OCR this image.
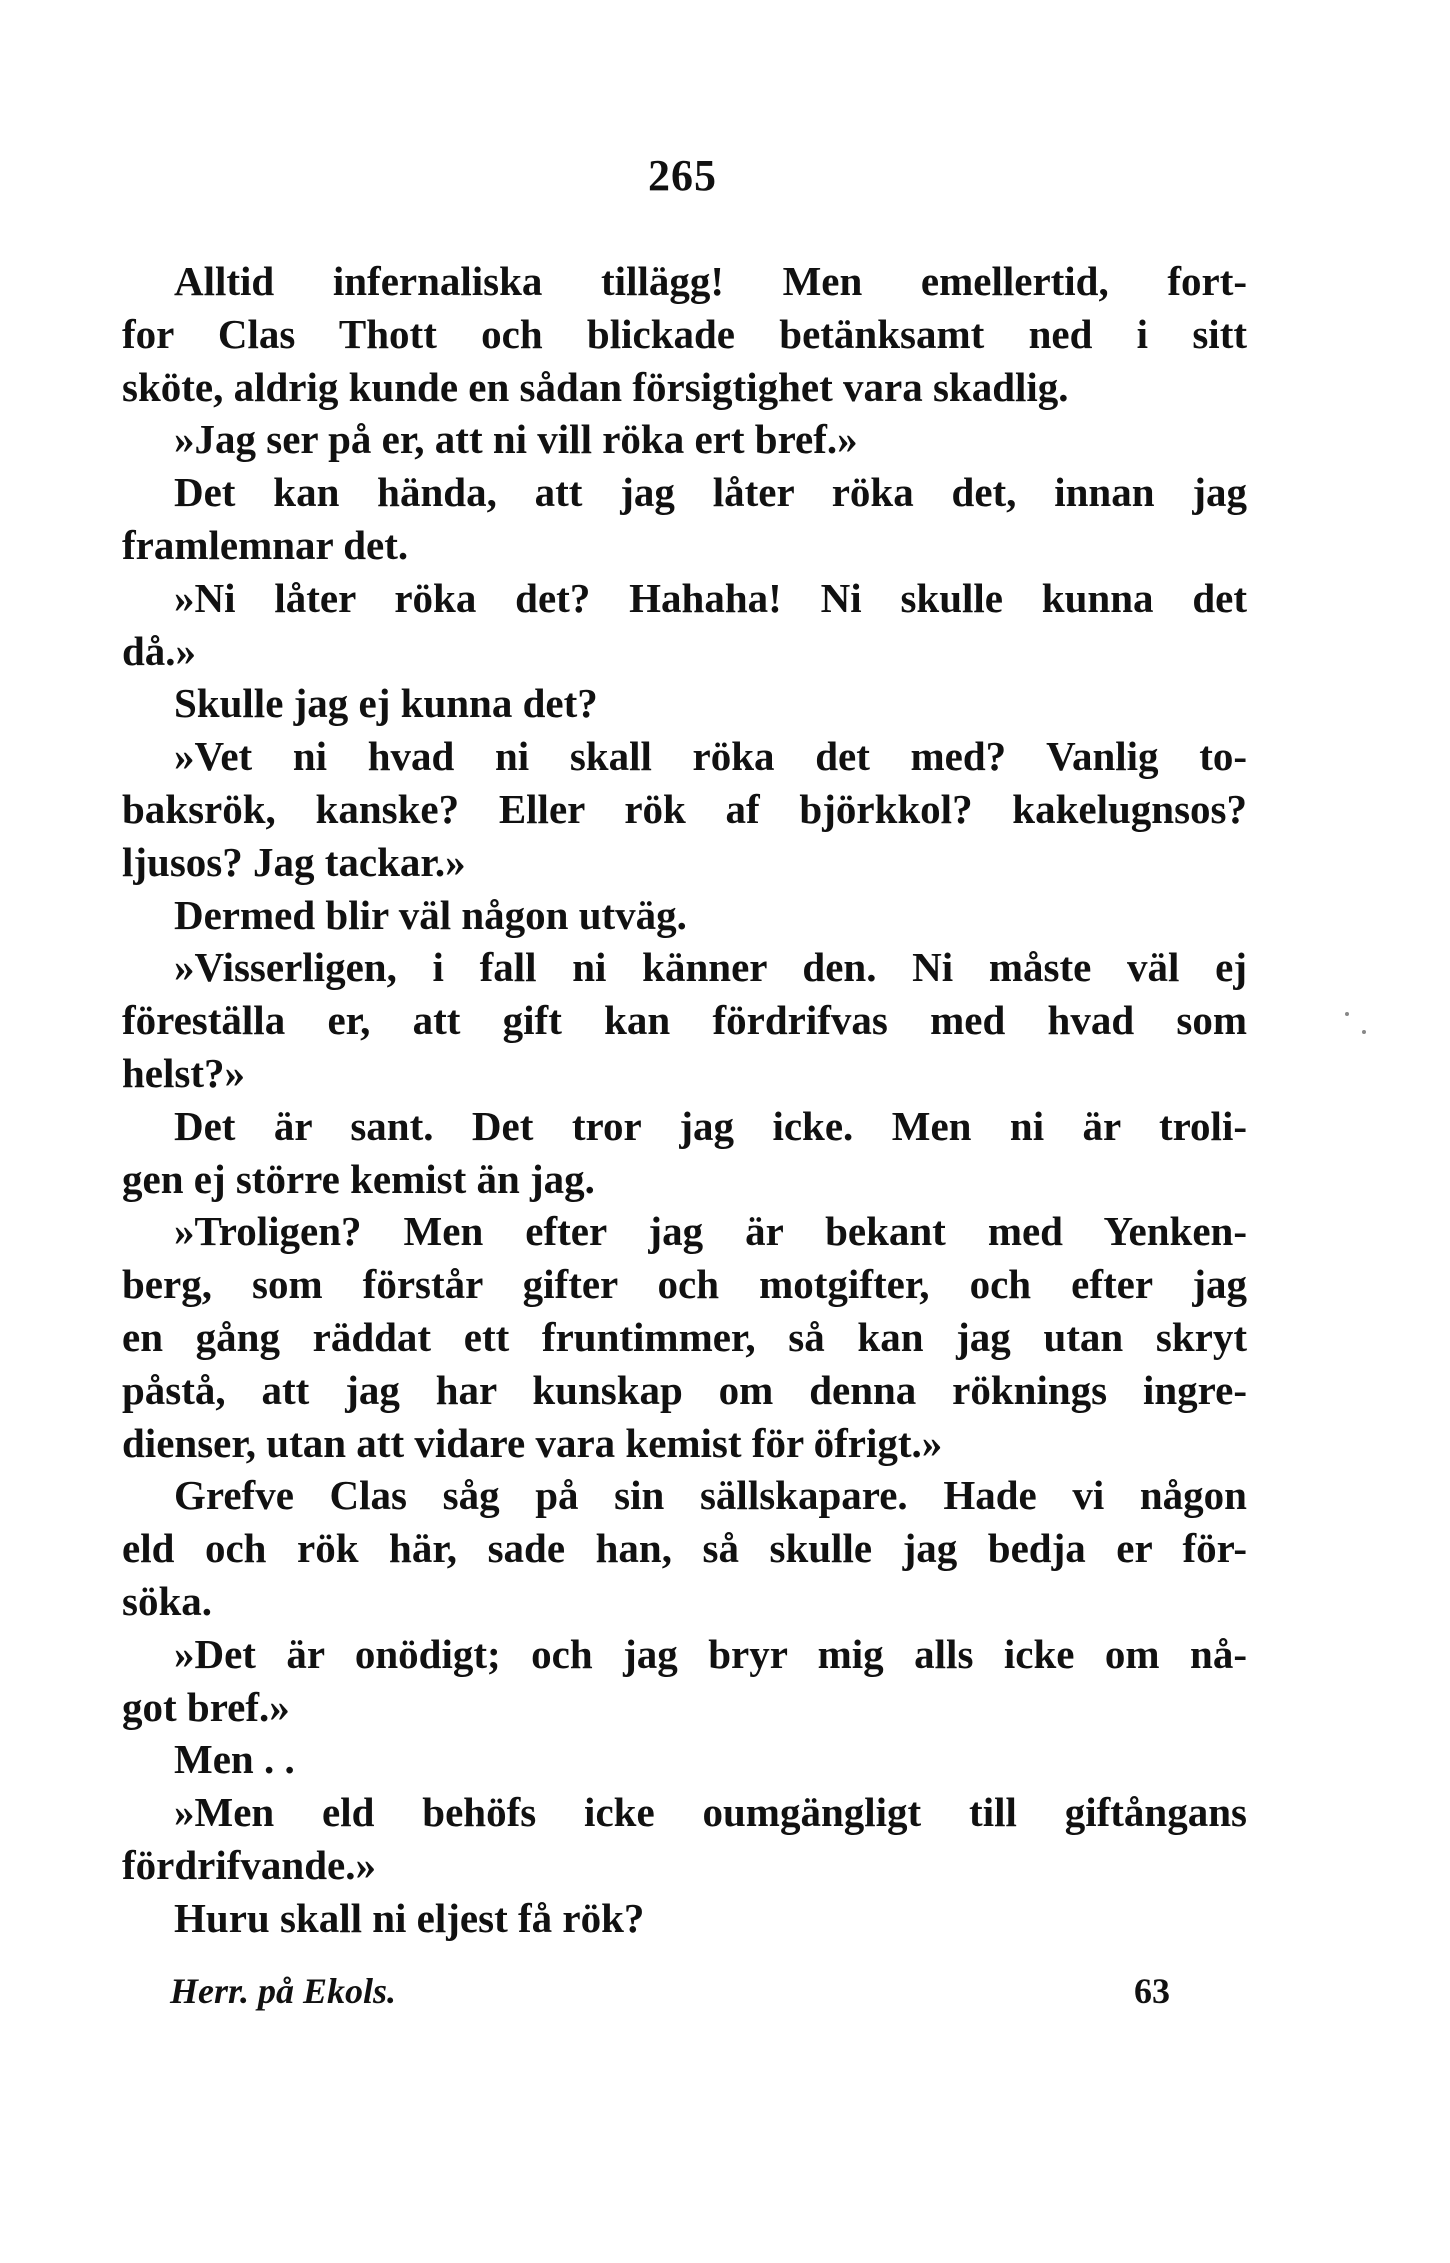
265
Alltid infernaliska tillägg! Men emellertid, fort-
for Clas Thott och blickade betänksamt ned i sitt
sköte, aldrig kunde en sådan försigtighet vara skadlig.
»Jag ser på er, att ni vill röka ert bref.»
Det kan hända, att jag låter röka det, innan jag
framlemnar det.
»Ni låter röka det? Hahaha! Ni skulle kunna det
då.»
Skulle jag ej kunna det?
»Vet ni hvad ni skall röka det med? Vanlig to-
baksrök, kanske? Eller rök af björkkol? kakelugnsos?
ljusos? Jag tackar.»
Dermed blir väl någon utväg.
»Visserligen, i fall ni känner den. Ni måste väl ej
föreställa er, att gift kan fördrifvas med hvad som
helst?»
Det är sant. Det tror jag icke. Men ni är troli-
gen ej större kemist än jag.
»Troligen? Men efter jag är bekant med Yenken-
berg, som förstår gifter och motgifter, och efter jag
en gång räddat ett fruntimmer, så kan jag utan skryt
påstå, att jag har kunskap om denna röknings ingre-
dienser, utan att vidare vara kemist för öfrigt.»
Grefve Clas såg på sin sällskapare. Hade vi någon
eld och rök här, sade han, så skulle jag bedja er för-
söka.
»Det är onödigt; och jag bryr mig alls icke om nå-
got bref.»
Men . .
»Men eld behöfs icke oumgängligt till giftångans
fördrifvande.»
Huru skall ni eljest få rök?
Herr. på Ekols.	63
